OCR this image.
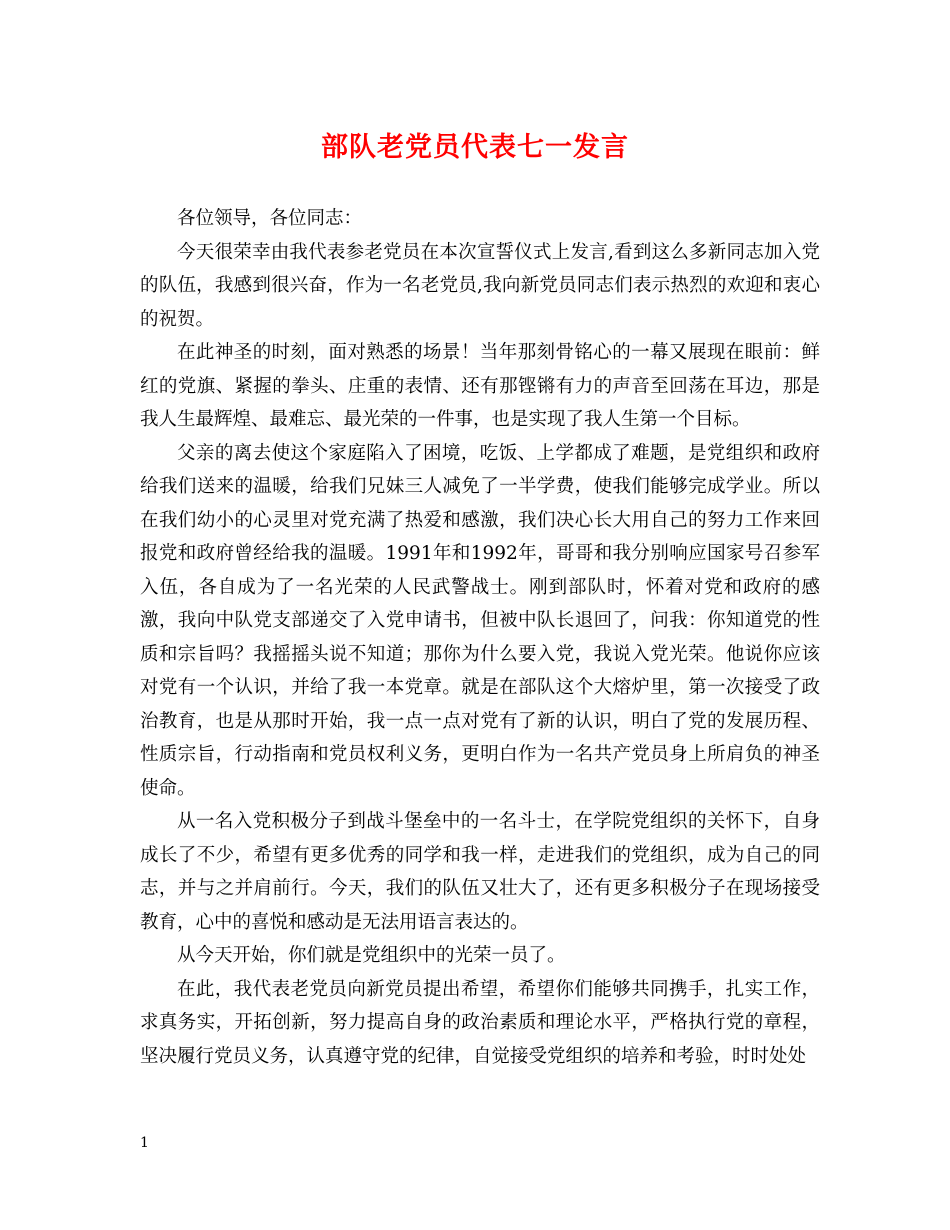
部队老党员代表七一发言

各位领导，各位同志：

今天很荣幸由我代表参老党员在本次宣誓仪式上发言,看到这么多新同志加入党的队伍，我感到很兴奋，作为一名老党员,我向新党员同志们表示热烈的欢迎和衷心的祝贺。

在此神圣的时刻，面对熟悉的场景！当年那刻骨铭心的一幕又展现在眼前：鲜红的党旗、紧握的拳头、庄重的表情、还有那铿锵有力的声音至回荡在耳边，那是我人生最辉煌、最难忘、最光荣的一件事，也是实现了我人生第一个目标。

父亲的离去使这个家庭陷入了困境，吃饭、上学都成了难题，是党组织和政府给我们送来的温暖，给我们兄妹三人减免了一半学费，使我们能够完成学业。所以在我们幼小的心灵里对党充满了热爱和感激，我们决心长大用自己的努力工作来回报党和政府曾经给我的温暖。1991年和1992年，哥哥和我分别响应国家号召参军入伍，各自成为了一名光荣的人民武警战士。刚到部队时，怀着对党和政府的感激，我向中队党支部递交了入党申请书，但被中队长退回了，问我：你知道党的性质和宗旨吗？我摇摇头说不知道；那你为什么要入党，我说入党光荣。他说你应该对党有一个认识，并给了我一本党章。就是在部队这个大熔炉里，第一次接受了政治教育，也是从那时开始，我一点一点对党有了新的认识，明白了党的发展历程、性质宗旨，行动指南和党员权利义务，更明白作为一名共产党员身上所肩负的神圣使命。

从一名入党积极分子到战斗堡垒中的一名斗士，在学院党组织的关怀下，自身成长了不少，希望有更多优秀的同学和我一样，走进我们的党组织，成为自己的同志，并与之并肩前行。今天，我们的队伍又壮大了，还有更多积极分子在现场接受教育，心中的喜悦和感动是无法用语言表达的。

从今天开始，你们就是党组织中的光荣一员了。

在此，我代表老党员向新党员提出希望，希望你们能够共同携手，扎实工作，求真务实，开拓创新，努力提高自身的政治素质和理论水平，严格执行党的章程，坚决履行党员义务，认真遵守党的纪律，自觉接受党组织的培养和考验，时时处处

1
